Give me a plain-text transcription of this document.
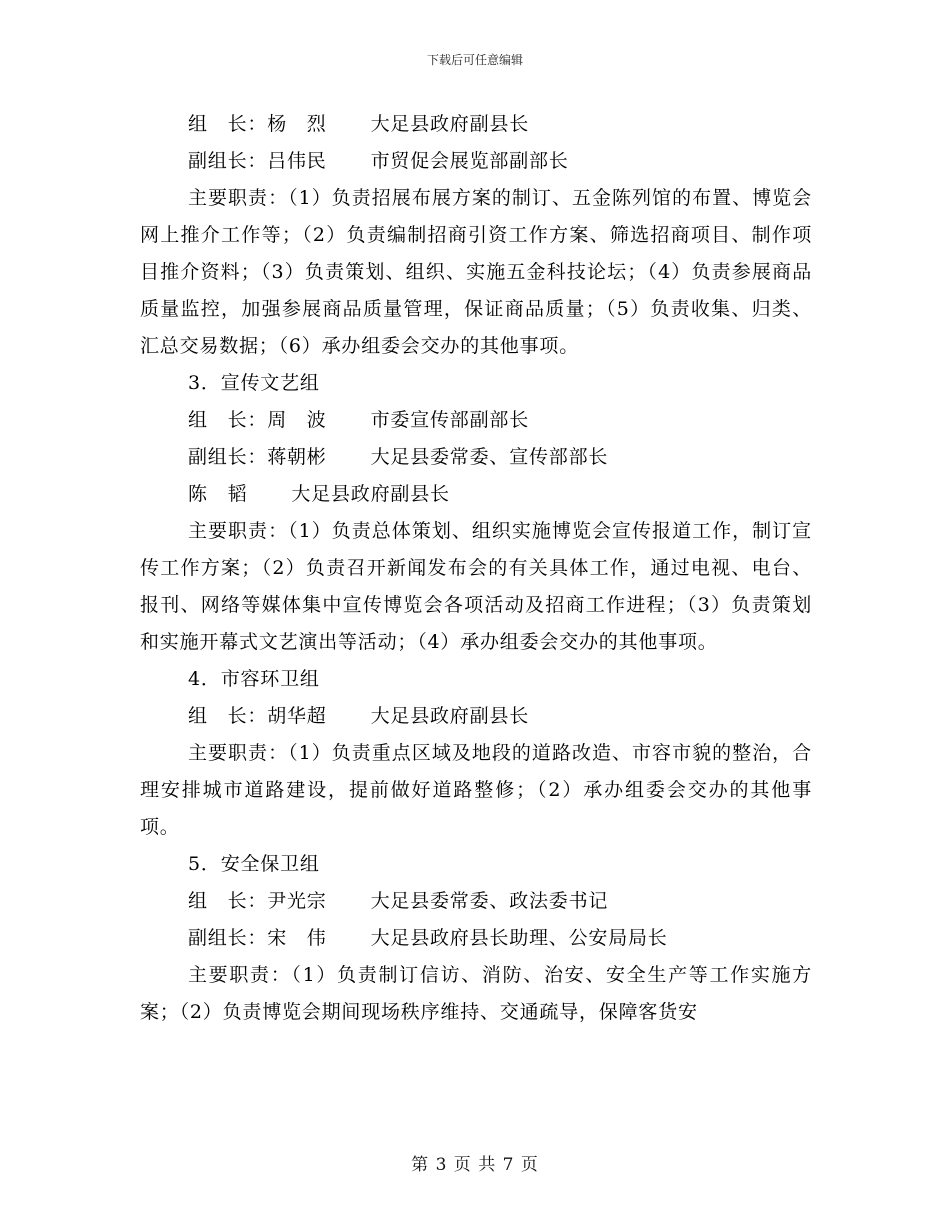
下载后可任意编辑

组　长：杨　烈 大足县政府副县长

副组长：吕伟民 市贸促会展览部副部长

主要职责：（1）负责招展布展方案的制订、五金陈列馆的布置、博览会网上推介工作等；（2）负责编制招商引资工作方案、筛选招商项目、制作项目推介资料；（3）负责策划、组织、实施五金科技论坛；（4）负责参展商品质量监控，加强参展商品质量管理，保证商品质量；（5）负责收集、归类、汇总交易数据；（6）承办组委会交办的其他事项。

3．宣传文艺组

组　长：周　波 市委宣传部副部长

副组长：蒋朝彬 大足县委常委、宣传部部长

陈　韬 大足县政府副县长

主要职责：（1）负责总体策划、组织实施博览会宣传报道工作，制订宣传工作方案；（2）负责召开新闻发布会的有关具体工作，通过电视、电台、报刊、网络等媒体集中宣传博览会各项活动及招商工作进程；（3）负责策划和实施开幕式文艺演出等活动；（4）承办组委会交办的其他事项。

4．市容环卫组

组　长：胡华超 大足县政府副县长

主要职责：（1）负责重点区域及地段的道路改造、市容市貌的整治，合理安排城市道路建设，提前做好道路整修；（2）承办组委会交办的其他事项。

5．安全保卫组

组　长：尹光宗 大足县委常委、政法委书记

副组长：宋　伟 大足县政府县长助理、公安局局长

主要职责：（1）负责制订信访、消防、治安、安全生产等工作实施方案；（2）负责博览会期间现场秩序维持、交通疏导，保障客货安

第 3 页 共 7 页
